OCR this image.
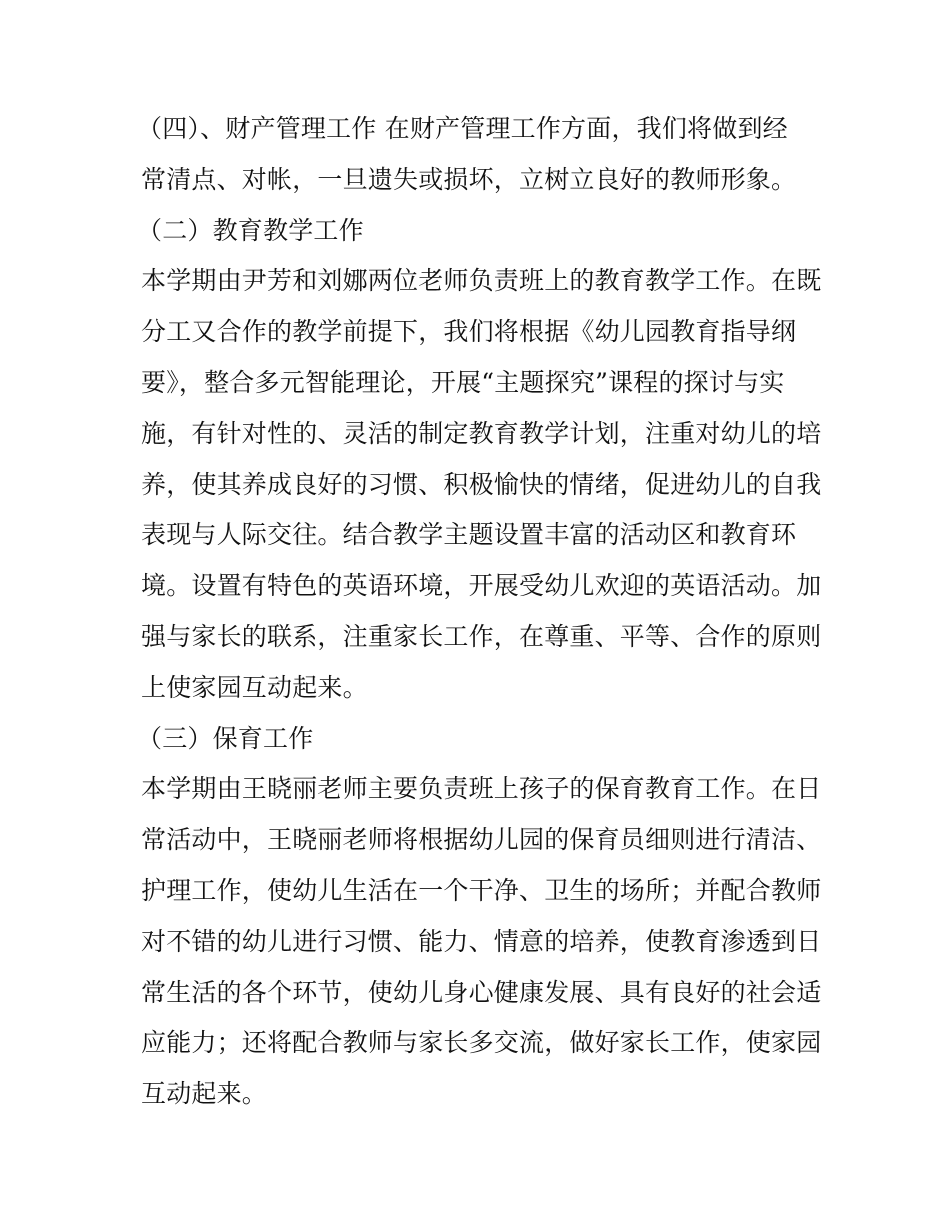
（四）、财产管理工作 在财产管理工作方面，我们将做到经
常清点、对帐，一旦遗失或损坏，立树立良好的教师形象。
（二）教育教学工作
本学期由尹芳和刘娜两位老师负责班上的教育教学工作。在既
分工又合作的教学前提下，我们将根据《幼儿园教育指导纲
要》，整合多元智能理论，开展“主题探究”课程的探讨与实
施，有针对性的、灵活的制定教育教学计划，注重对幼儿的培
养，使其养成良好的习惯、积极愉快的情绪，促进幼儿的自我
表现与人际交往。结合教学主题设置丰富的活动区和教育环
境。设置有特色的英语环境，开展受幼儿欢迎的英语活动。加
强与家长的联系，注重家长工作，在尊重、平等、合作的原则
上使家园互动起来。
（三）保育工作
本学期由王晓丽老师主要负责班上孩子的保育教育工作。在日
常活动中，王晓丽老师将根据幼儿园的保育员细则进行清洁、
护理工作，使幼儿生活在一个干净、卫生的场所；并配合教师
对不错的幼儿进行习惯、能力、情意的培养，使教育渗透到日
常生活的各个环节，使幼儿身心健康发展、具有良好的社会适
应能力；还将配合教师与家长多交流，做好家长工作，使家园
互动起来。
